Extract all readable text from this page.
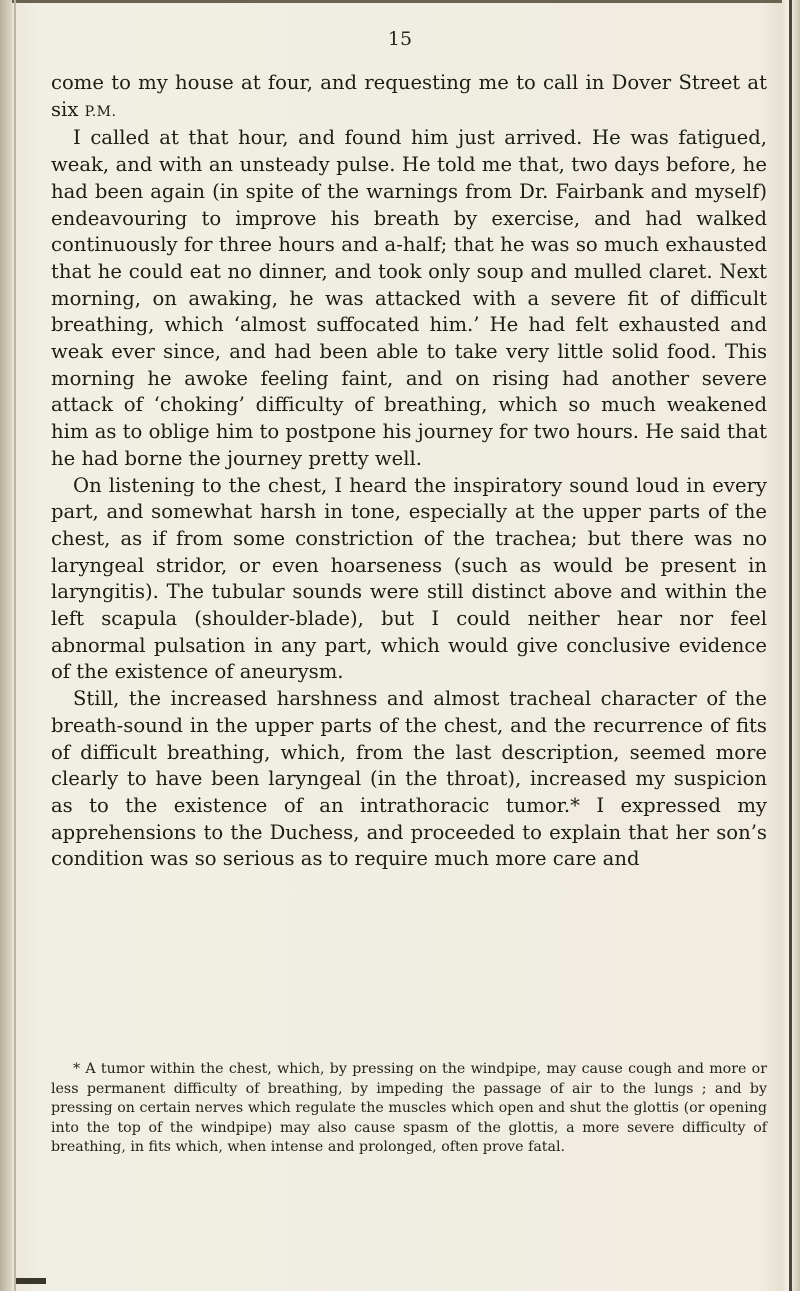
15

come to my house at four, and requesting me to call in Dover Street at six P.M.

I called at that hour, and found him just arrived. He was fatigued, weak, and with an unsteady pulse. He told me that, two days before, he had been again (in spite of the warnings from Dr. Fairbank and myself) endeavouring to improve his breath by exercise, and had walked continuously for three hours and a-half; that he was so much exhausted that he could eat no dinner, and took only soup and mulled claret. Next morning, on awaking, he was attacked with a severe fit of difficult breathing, which ‘almost suffocated him.’ He had felt exhausted and weak ever since, and had been able to take very little solid food. This morning he awoke feeling faint, and on rising had another severe attack of ‘choking’ difficulty of breathing, which so much weakened him as to oblige him to postpone his journey for two hours. He said that he had borne the journey pretty well.

On listening to the chest, I heard the inspiratory sound loud in every part, and somewhat harsh in tone, especially at the upper parts of the chest, as if from some constriction of the trachea; but there was no laryngeal stridor, or even hoarseness (such as would be present in laryngitis). The tubular sounds were still distinct above and within the left scapula (shoulder-blade), but I could neither hear nor feel abnormal pulsation in any part, which would give conclusive evidence of the existence of aneurysm.

Still, the increased harshness and almost tracheal character of the breath-sound in the upper parts of the chest, and the recurrence of fits of difficult breathing, which, from the last description, seemed more clearly to have been laryngeal (in the throat), increased my suspicion as to the existence of an intrathoracic tumor.* I expressed my apprehensions to the Duchess, and proceeded to explain that her son’s condition was so serious as to require much more care and

* A tumor within the chest, which, by pressing on the windpipe, may cause cough and more or less permanent difficulty of breathing, by impeding the passage of air to the lungs ; and by pressing on certain nerves which regulate the muscles which open and shut the glottis (or opening into the top of the windpipe) may also cause spasm of the glottis, a more severe difficulty of breathing, in fits which, when intense and prolonged, often prove fatal.
